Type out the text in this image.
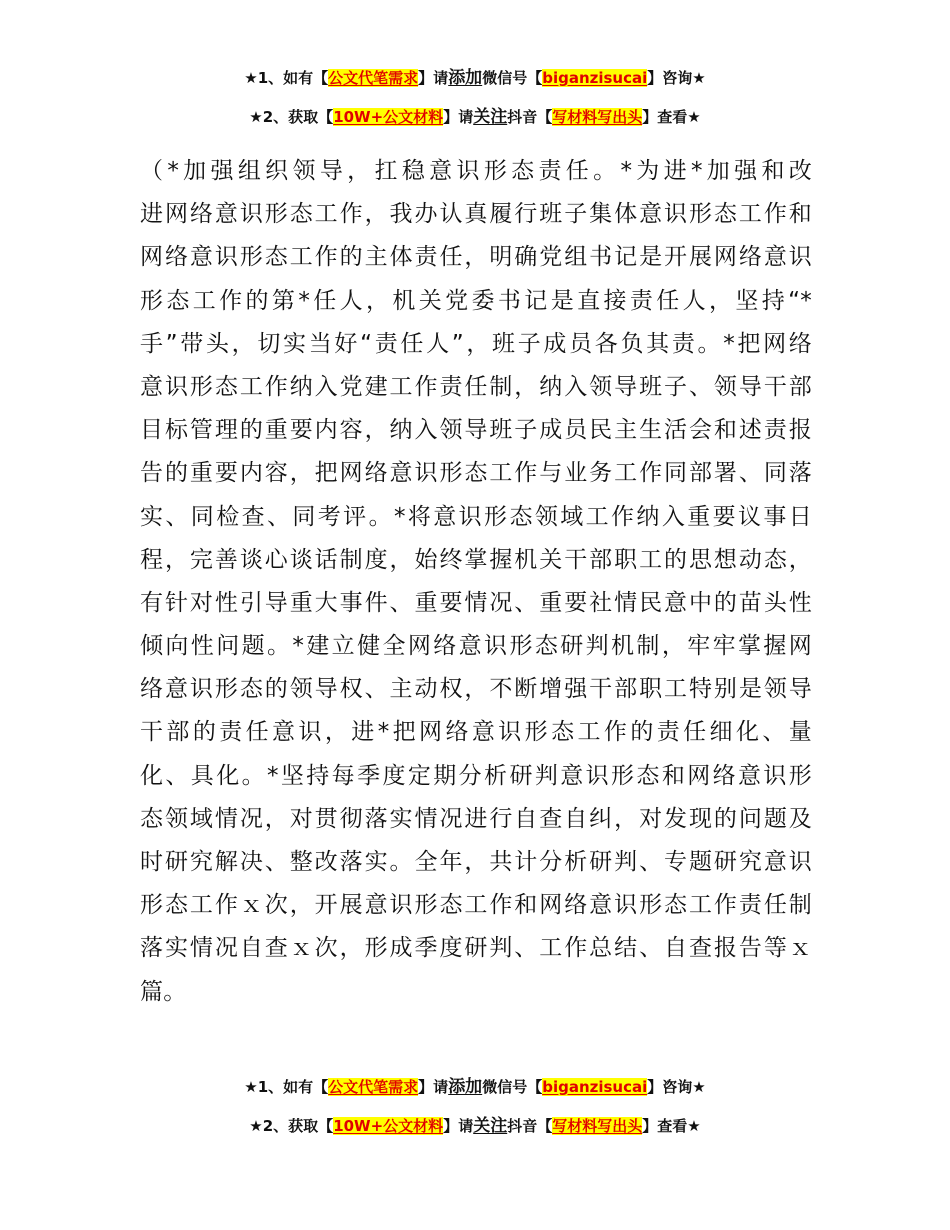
★1、如有【公文代笔需求】请添加微信号【biganzisucai】咨询★
★2、获取【10W+公文材料】请关注抖音【写材料写出头】查看★
（*加强组织领导，扛稳意识形态责任。*为进*加强和改
进网络意识形态工作，我办认真履行班子集体意识形态工作和
网络意识形态工作的主体责任，明确党组书记是开展网络意识
形态工作的第*任人，机关党委书记是直接责任人，坚持“*
手”带头，切实当好“责任人”，班子成员各负其责。*把网络
意识形态工作纳入党建工作责任制，纳入领导班子、领导干部
目标管理的重要内容，纳入领导班子成员民主生活会和述责报
告的重要内容，把网络意识形态工作与业务工作同部署、同落
实、同检查、同考评。*将意识形态领域工作纳入重要议事日
程，完善谈心谈话制度，始终掌握机关干部职工的思想动态，
有针对性引导重大事件、重要情况、重要社情民意中的苗头性
倾向性问题。*建立健全网络意识形态研判机制，牢牢掌握网
络意识形态的领导权、主动权，不断增强干部职工特别是领导
干部的责任意识，进*把网络意识形态工作的责任细化、量
化、具化。*坚持每季度定期分析研判意识形态和网络意识形
态领域情况，对贯彻落实情况进行自查自纠，对发现的问题及
时研究解决、整改落实。全年，共计分析研判、专题研究意识
形态工作ｘ次，开展意识形态工作和网络意识形态工作责任制
落实情况自查ｘ次，形成季度研判、工作总结、自查报告等ｘ
篇。
★1、如有【公文代笔需求】请添加微信号【biganzisucai】咨询★
★2、获取【10W+公文材料】请关注抖音【写材料写出头】查看★
